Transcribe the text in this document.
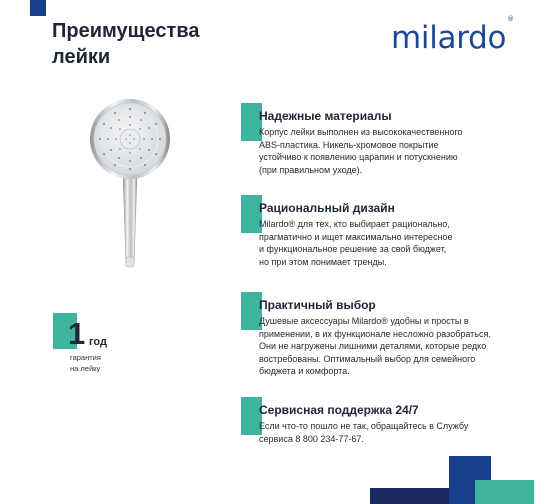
Преимущества
лейки
milardo®
1 год
гарантия
на лейку
Надежные материалы

Корпус лейки выполнен из высококачественного
ABS-пластика. Никель-хромовое покрытие
устойчиво к появлению царапин и потускнению
(при правильном уходе).

Рациональный дизайн

Milardo® для тех, кто выбирает рационально,
прагматично и ищет максимально интересное
и функциональное решение за свой бюджет,
но при этом понимает тренды.

Практичный выбор

Душевые аксессуары Milardo® удобны и просты в
применении, в их функционале несложно разобраться.
Они не нагружены лишними деталями, которые редко
востребованы. Оптимальный выбор для семейного
бюджета и комфорта.

Сервисная поддержка 24/7

Если что-то пошло не так, обращайтесь в Службу
сервиса 8 800 234-77-67.
